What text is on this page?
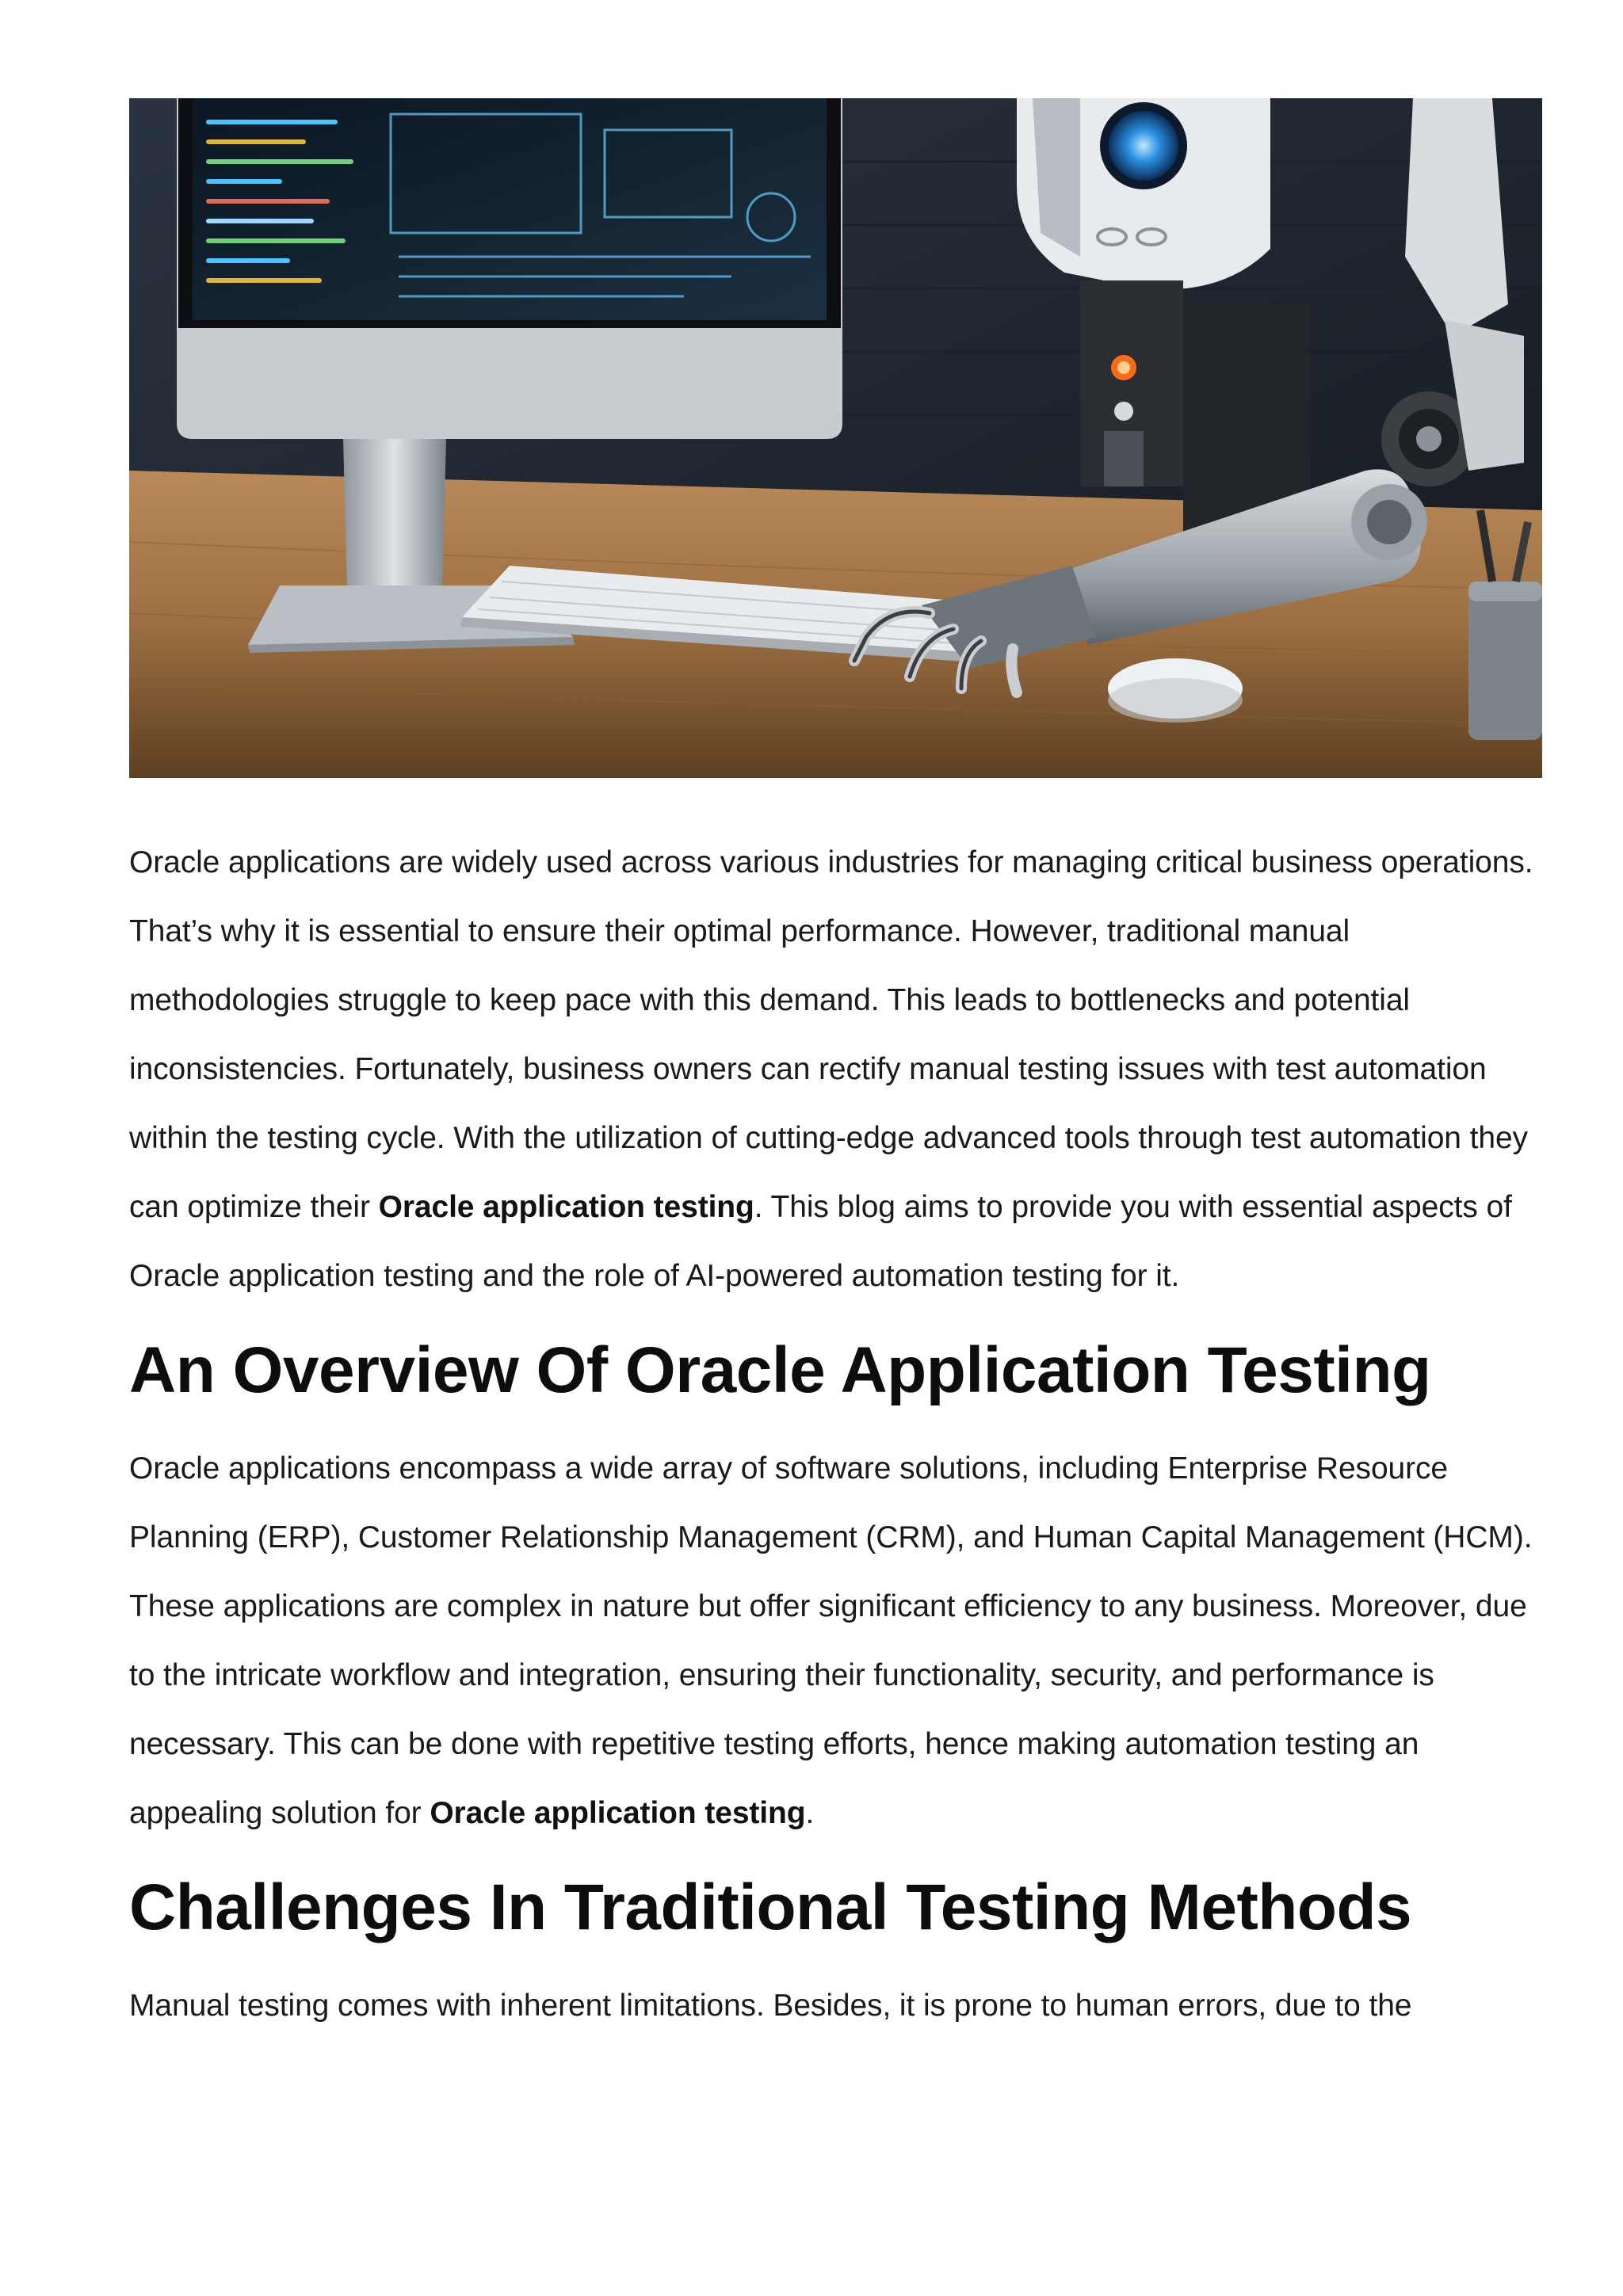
Oracle applications are widely used across various industries for managing critical business operations. That’s why it is essential to ensure their optimal performance. However, traditional manual methodologies struggle to keep pace with this demand. This leads to bottlenecks and potential inconsistencies. Fortunately, business owners can rectify manual testing issues with test automation within the testing cycle. With the utilization of cutting-edge advanced tools through test automation they can optimize their Oracle application testing. This blog aims to provide you with essential aspects of Oracle application testing and the role of AI-powered automation testing for it.

An Overview Of Oracle Application Testing

Oracle applications encompass a wide array of software solutions, including Enterprise Resource Planning (ERP), Customer Relationship Management (CRM), and Human Capital Management (HCM). These applications are complex in nature but offer significant efficiency to any business. Moreover, due to the intricate workflow and integration, ensuring their functionality, security, and performance is necessary. This can be done with repetitive testing efforts, hence making automation testing an appealing solution for Oracle application testing.

Challenges In Traditional Testing Methods

Manual testing comes with inherent limitations. Besides, it is prone to human errors, due to the
